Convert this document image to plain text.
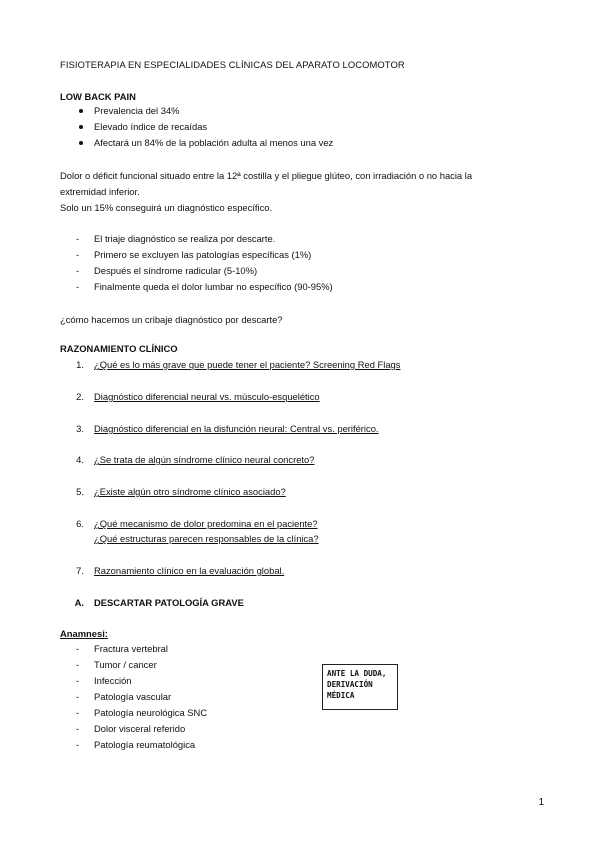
FISIOTERAPIA EN ESPECIALIDADES CLÍNICAS DEL APARATO LOCOMOTOR
LOW BACK PAIN
Prevalencia del 34%
Elevado índice de recaídas
Afectará un 84% de la población adulta al menos una vez
Dolor o déficit funcional situado entre la 12ª costilla y el pliegue glúteo, con irradiación o no hacia la
extremidad inferior.
Solo un 15% conseguirá un diagnóstico específico.
- El triaje diagnóstico se realiza por descarte.
- Primero se excluyen las patologías específicas (1%)
- Después el síndrome radicular (5-10%)
- Finalmente queda el dolor lumbar no específico (90-95%)
¿cómo hacemos un cribaje diagnóstico por descarte?
RAZONAMIENTO CLÍNICO
1. ¿Qué es lo más grave que puede tener el paciente? Screening Red Flags
2. Diagnóstico diferencial neural vs. músculo-esquelético
3. Diagnóstico diferencial en la disfunción neural: Central vs. periférico.
4. ¿Se trata de algún síndrome clínico neural concreto?
5. ¿Existe algún otro síndrome clínico asociado?
6. ¿Qué mecanismo de dolor predomina en el paciente?
¿Qué estructuras parecen responsables de la clínica?
7. Razonamiento clínico en la evaluación global.
A. DESCARTAR PATOLOGÍA GRAVE
Anamnesi:
- Fractura vertebral
- Tumor / cancer
- Infección
- Patología vascular
- Patología neurológica SNC
- Dolor visceral referido
- Patología reumatológica
ANTE LA DUDA, DERIVACIÓN MÉDICA
1
